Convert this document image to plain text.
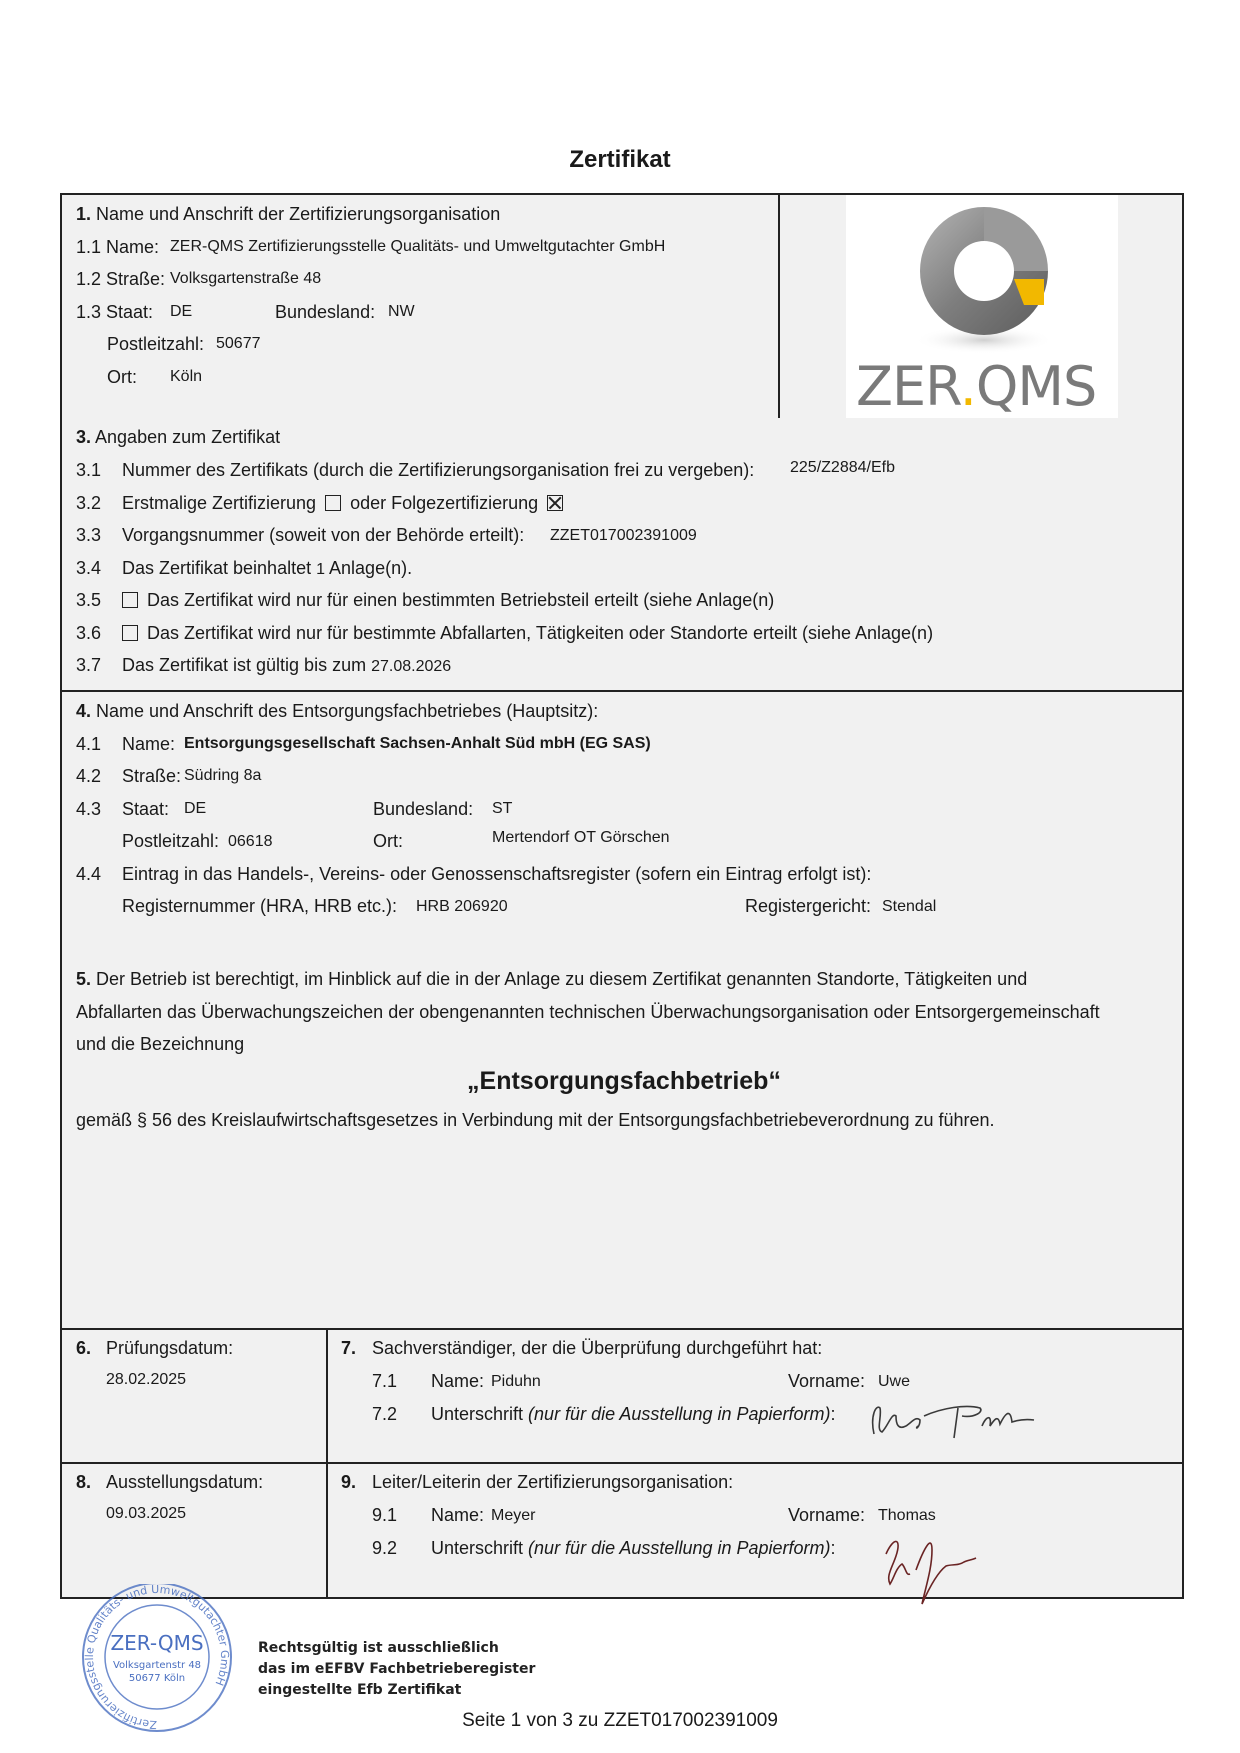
Zertifikat
1. Name und Anschrift der Zertifizierungsorganisation
1.1 Name: ZER-QMS Zertifizierungsstelle Qualitäts- und Umweltgutachter GmbH
1.2 Straße: Volksgartenstraße 48
1.3 Staat: DE	Bundesland: NW
Postleitzahl: 50677
Ort: Köln	ZER.QMS
3. Angaben zum Zertifikat
3.1 Nummer des Zertifikats (durch die Zertifizierungsorganisation frei zu vergeben): 225/Z2884/Efb
3.2 Erstmalige Zertifizierung oder Folgezertifizierung
3.3 Vorgangsnummer (soweit von der Behörde erteilt): ZZET017002391009
3.4 Das Zertifikat beinhaltet 1 Anlage(n).
3.5	Das Zertifikat wird nur für einen bestimmten Betriebsteil erteilt (siehe Anlage(n)
3.6	Das Zertifikat wird nur für bestimmte Abfallarten, Tätigkeiten oder Standorte erteilt (siehe Anlage(n)
3.7 Das Zertifikat ist gültig bis zum 27.08.2026
4. Name und Anschrift des Entsorgungsfachbetriebes (Hauptsitz):
4.1 Name: Entsorgungsgesellschaft Sachsen-Anhalt Süd mbH (EG SAS)
4.2 Straße: Südring 8a
4.3 Staat: DE	Bundesland: ST
Postleitzahl: 06618	Ort:	Mertendorf OT Görschen
4.4 Eintrag in das Handels-, Vereins- oder Genossenschaftsregister (sofern ein Eintrag erfolgt ist):
Registernummer (HRA, HRB etc.): HRB 206920	Registergericht: Stendal
5. Der Betrieb ist berechtigt, im Hinblick auf die in der Anlage zu diesem Zertifikat genannten Standorte, Tätigkeiten und
Abfallarten das Überwachungszeichen der obengenannten technischen Überwachungsorganisation oder Entsorgergemeinschaft
und die Bezeichnung
„Entsorgungsfachbetrieb“
gemäß § 56 des Kreislaufwirtschaftsgesetzes in Verbindung mit der Entsorgungsfachbetriebeverordnung zu führen.
6. Prüfungsdatum:
28.02.2025
7. Sachverständiger, der die Überprüfung durchgeführt hat:
7.1 Name: Piduhn	Vorname: Uwe
7.2 Unterschrift (nur für die Ausstellung in Papierform):
8. Ausstellungsdatum:
09.03.2025
9. Leiter/Leiterin der Zertifizierungsorganisation:
9.1 Name: Meyer	Vorname: Thomas
9.2 Unterschrift (nur für die Ausstellung in Papierform):
Zertifizierungsstelle Qualitäts- und Umweltgutachter GmbH
ZER-QMS
Volksgartenstr 48
50677 Köln
Rechtsgültig ist ausschließlich
das im eEFBV Fachbetrieberegister
eingestellte Efb Zertifikat
Seite 1 von 3 zu ZZET017002391009
